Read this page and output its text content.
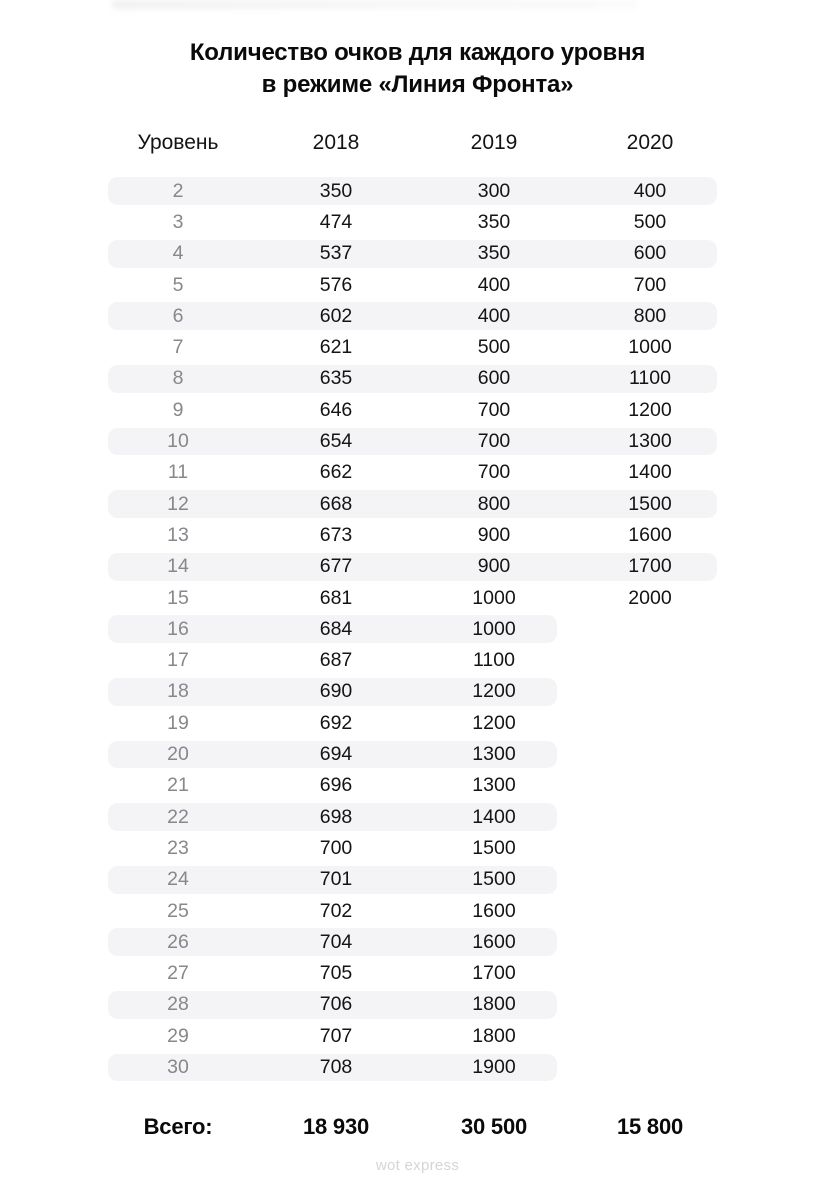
Количество очков для каждого уровня
в режиме «Линия Фронта»
Уровень	2018	2019	2020
2	350	300	400
3	474	350	500
4	537	350	600
5	576	400	700
6	602	400	800
7	621	500	1000
8	635	600	1100
9	646	700	1200
10	654	700	1300
11	662	700	1400
12	668	800	1500
13	673	900	1600
14	677	900	1700
15	681	1000	2000
16	684	1000
17	687	1100
18	690	1200
19	692	1200
20	694	1300
21	696	1300
22	698	1400
23	700	1500
24	701	1500
25	702	1600
26	704	1600
27	705	1700
28	706	1800
29	707	1800
30	708	1900
Всего:	18 930	30 500	15 800
wot express
